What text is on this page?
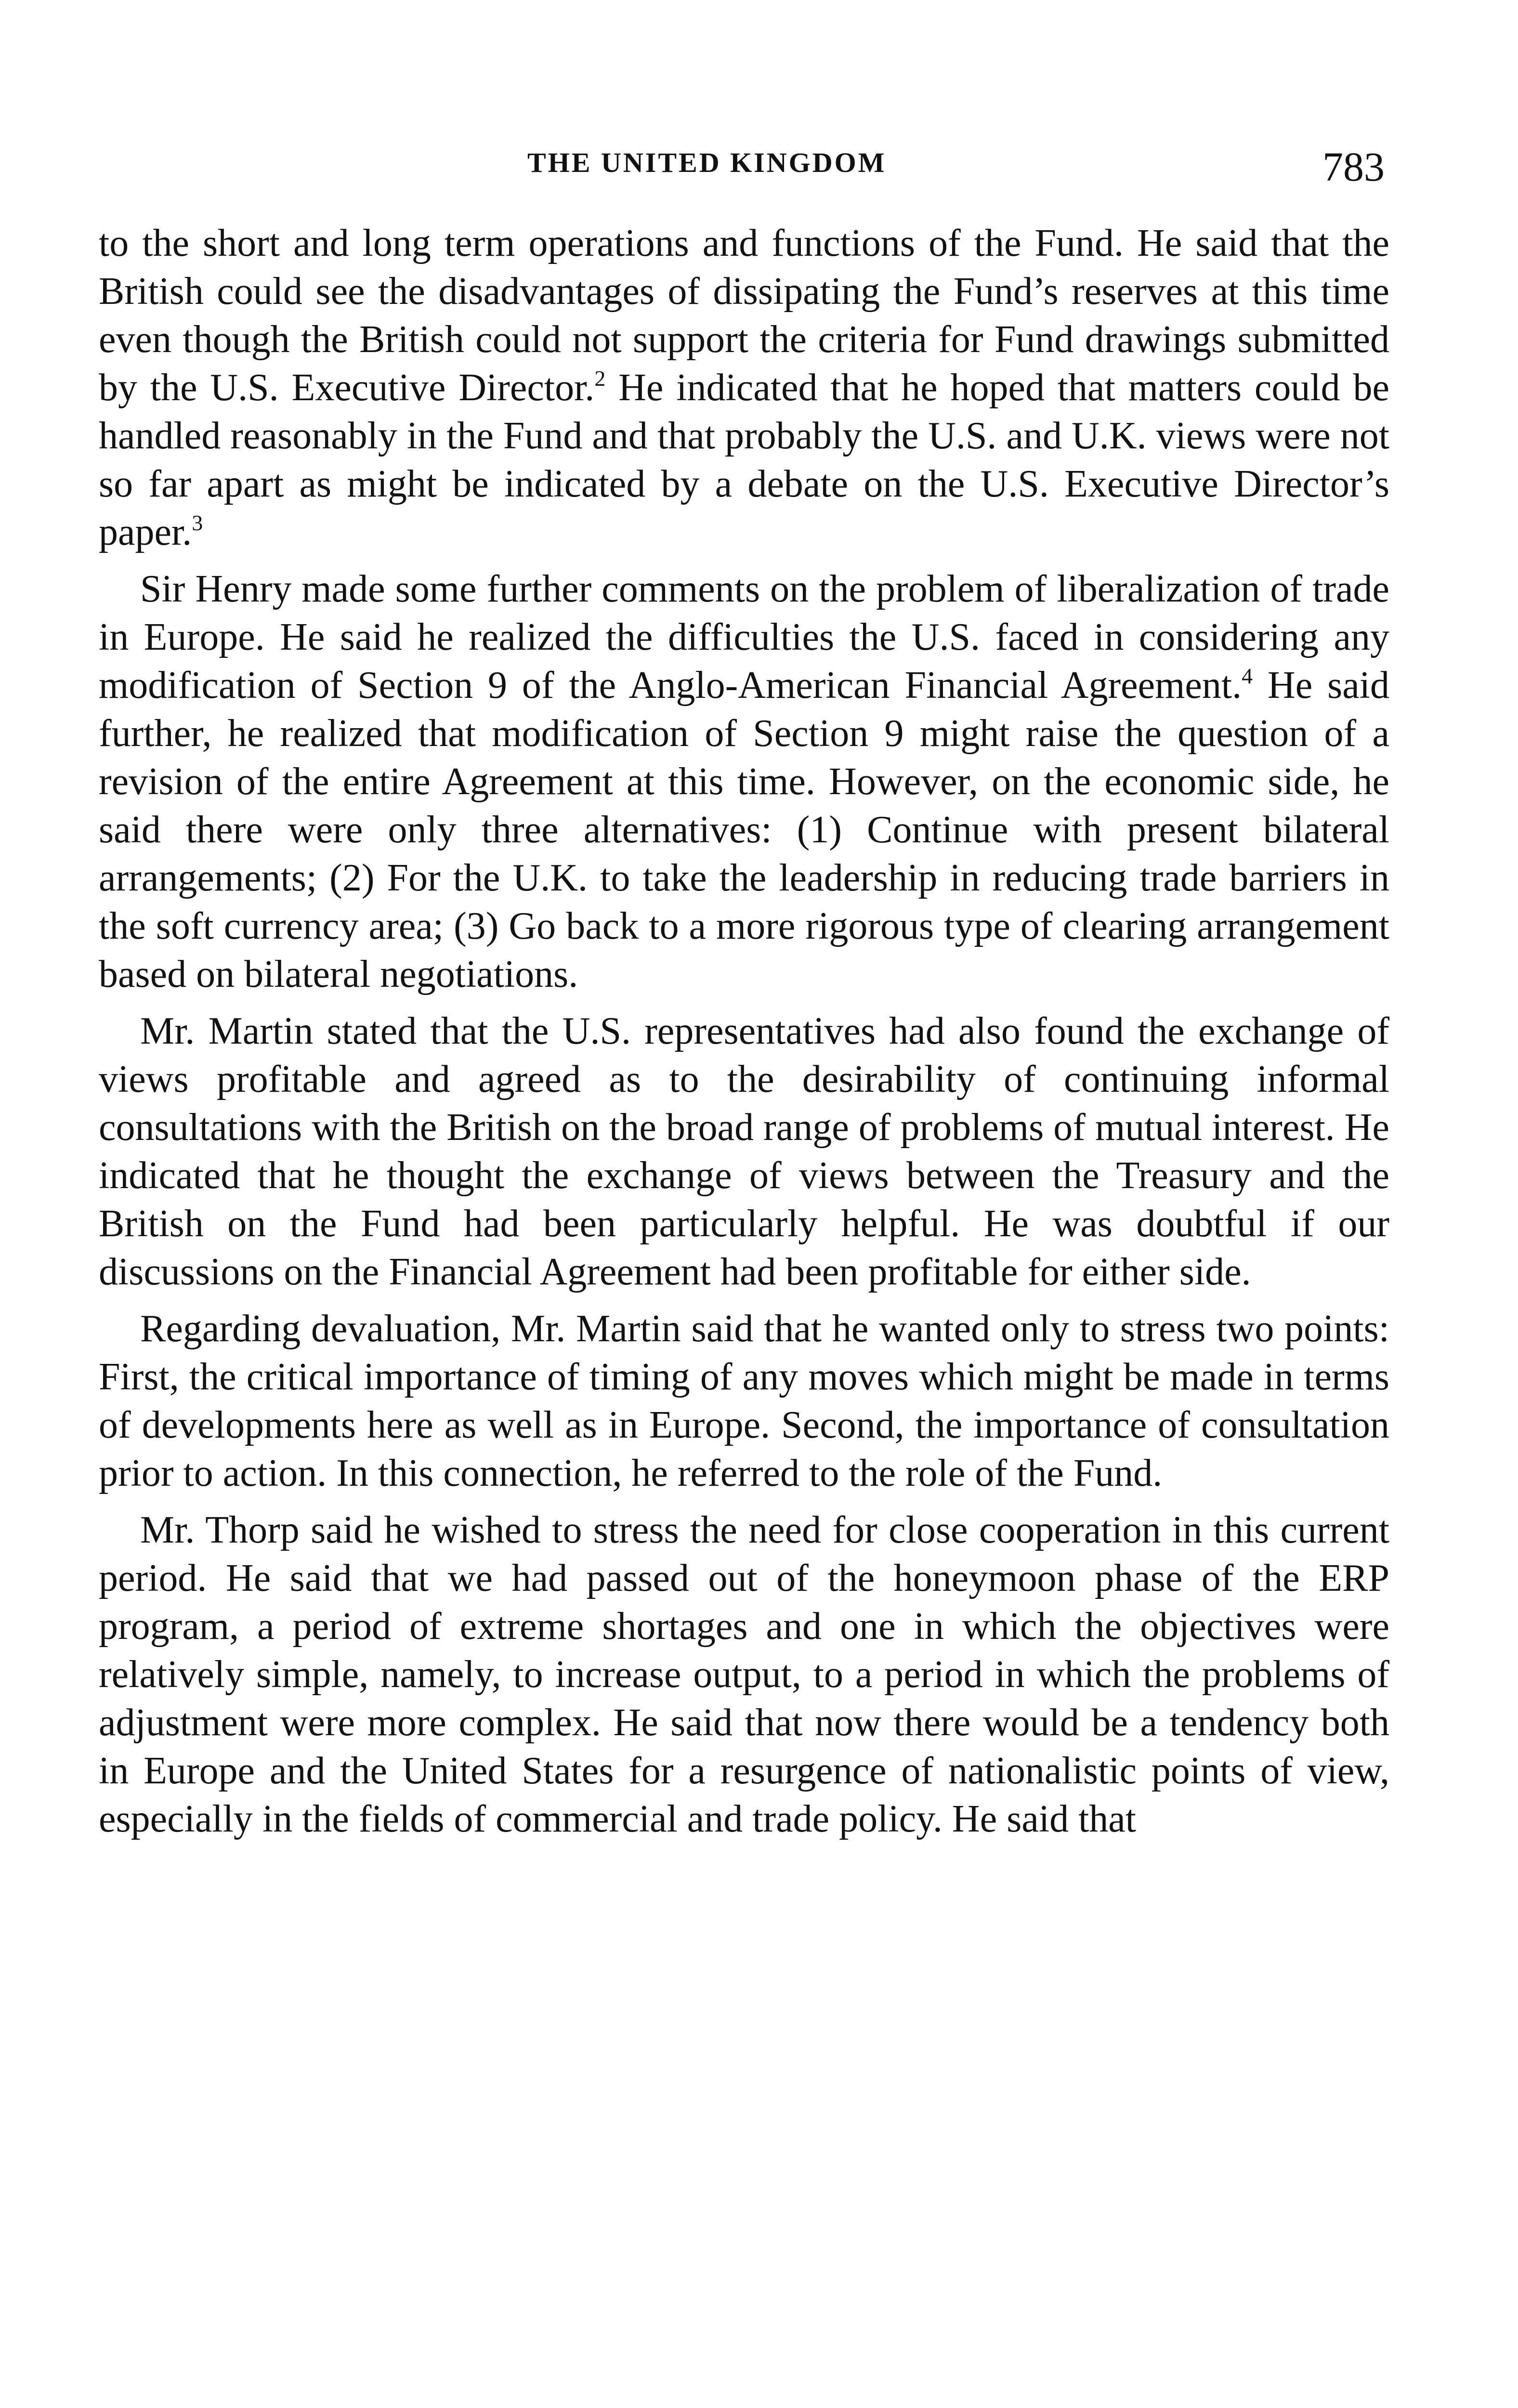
THE UNITED KINGDOM	783

to the short and long term operations and functions of the Fund. He said that the British could see the disadvantages of dissipating the Fund’s reserves at this time even though the British could not support the criteria for Fund drawings submitted by the U.S. Executive Director.$^2$ He indicated that he hoped that matters could be handled reasonably in the Fund and that probably the U.S. and U.K. views were not so far apart as might be indicated by a debate on the U.S. Executive Director’s paper.$^3$

Sir Henry made some further comments on the problem of liberalization of trade in Europe. He said he realized the difficulties the U.S. faced in considering any modification of Section 9 of the Anglo-American Financial Agreement.$^4$ He said further, he realized that modification of Section 9 might raise the question of a revision of the entire Agreement at this time. However, on the economic side, he said there were only three alternatives: (1) Continue with present bilateral arrangements; (2) For the U.K. to take the leadership in reducing trade barriers in the soft currency area; (3) Go back to a more rigorous type of clearing arrangement based on bilateral negotiations.

Mr. Martin stated that the U.S. representatives had also found the exchange of views profitable and agreed as to the desirability of continuing informal consultations with the British on the broad range of problems of mutual interest. He indicated that he thought the exchange of views between the Treasury and the British on the Fund had been particularly helpful. He was doubtful if our discussions on the Financial Agreement had been profitable for either side.

Regarding devaluation, Mr. Martin said that he wanted only to stress two points: First, the critical importance of timing of any moves which might be made in terms of developments here as well as in Europe. Second, the importance of consultation prior to action. In this connection, he referred to the role of the Fund.

Mr. Thorp said he wished to stress the need for close cooperation in this current period. He said that we had passed out of the honeymoon phase of the ERP program, a period of extreme shortages and one in which the objectives were relatively simple, namely, to increase output, to a period in which the problems of adjustment were more complex. He said that now there would be a tendency both in Europe and the United States for a resurgence of nationalistic points of view, especially in the fields of commercial and trade policy. He said that
